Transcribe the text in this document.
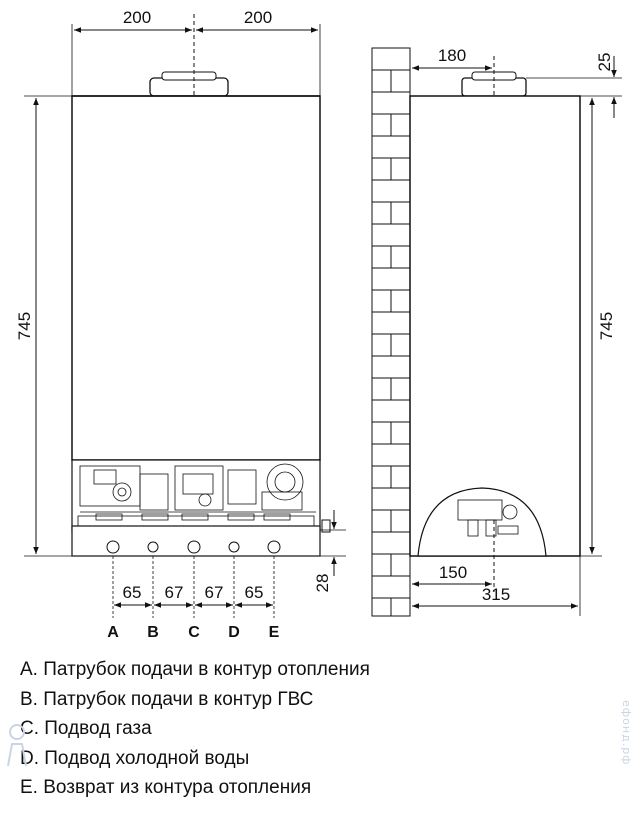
200	200
745
65 67 67 65
A B C D E
28
180	25
745
150
315
A. Патрубок подачи в контур отопления
B. Патрубок подачи в контур ГВС
C. Подвод газа
D. Подвод холодной воды
E. Возврат из контура отопления
eфонд.рф
